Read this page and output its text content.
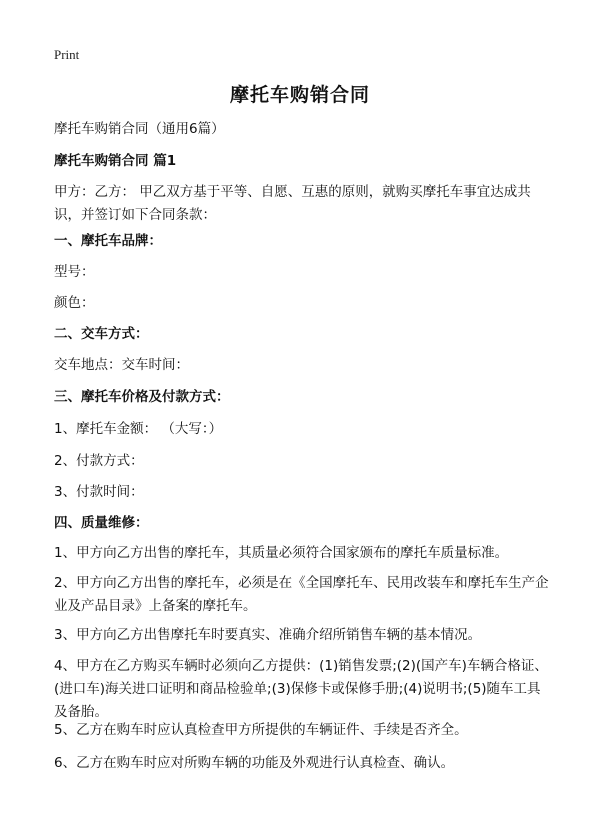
Print
摩托车购销合同
摩托车购销合同（通用6篇）
摩托车购销合同 篇1
甲方：乙方： 甲乙双方基于平等、自愿、互惠的原则，就购买摩托车事宜达成共识，并签订如下合同条款：
一、摩托车品牌：
型号：
颜色：
二、交车方式：
交车地点：交车时间：
三、摩托车价格及付款方式：
1、摩托车金额： （大写：）
2、付款方式：
3、付款时间：
四、质量维修：
1、甲方向乙方出售的摩托车，其质量必须符合国家颁布的摩托车质量标准。
2、甲方向乙方出售的摩托车，必须是在《全国摩托车、民用改装车和摩托车生产企业及产品目录》上备案的摩托车。
3、甲方向乙方出售摩托车时要真实、准确介绍所销售车辆的基本情况。
4、甲方在乙方购买车辆时必须向乙方提供：(1)销售发票;(2)(国产车)车辆合格证、(进口车)海关进口证明和商品检验单;(3)保修卡或保修手册;(4)说明书;(5)随车工具及备胎。
5、乙方在购车时应认真检查甲方所提供的车辆证件、手续是否齐全。
6、乙方在购车时应对所购车辆的功能及外观进行认真检查、确认。
